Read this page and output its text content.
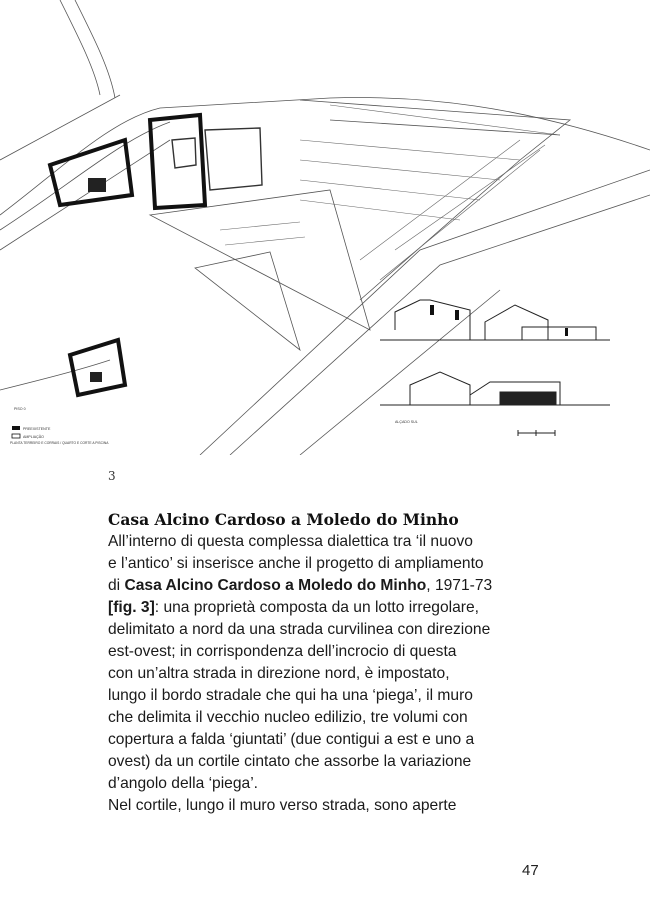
PREEXISTENTE
AMPLIAÇÃO
PLANTA TERREIRO E CORRAIS / QUARTO E CORTE A PISCINA
PISO 0
ALÇADO SUL
3
Casa Alcino Cardoso a Moledo do Minho
All’interno di questa complessa dialettica tra ‘il nuovo
e l’antico’ si inserisce anche il progetto di ampliamento
di Casa Alcino Cardoso a Moledo do Minho, 1971-73
[fig. 3]: una proprietà composta da un lotto irregolare,
delimitato a nord da una strada curvilinea con direzione
est-ovest; in corrispondenza dell’incrocio di questa
con un’altra strada in direzione nord, è impostato,
lungo il bordo stradale che qui ha una ‘piega’, il muro
che delimita il vecchio nucleo edilizio, tre volumi con
copertura a falda ‘giuntati’ (due contigui a est e uno a
ovest) da un cortile cintato che assorbe la variazione
d’angolo della ‘piega’.
Nel cortile, lungo il muro verso strada, sono aperte
47
